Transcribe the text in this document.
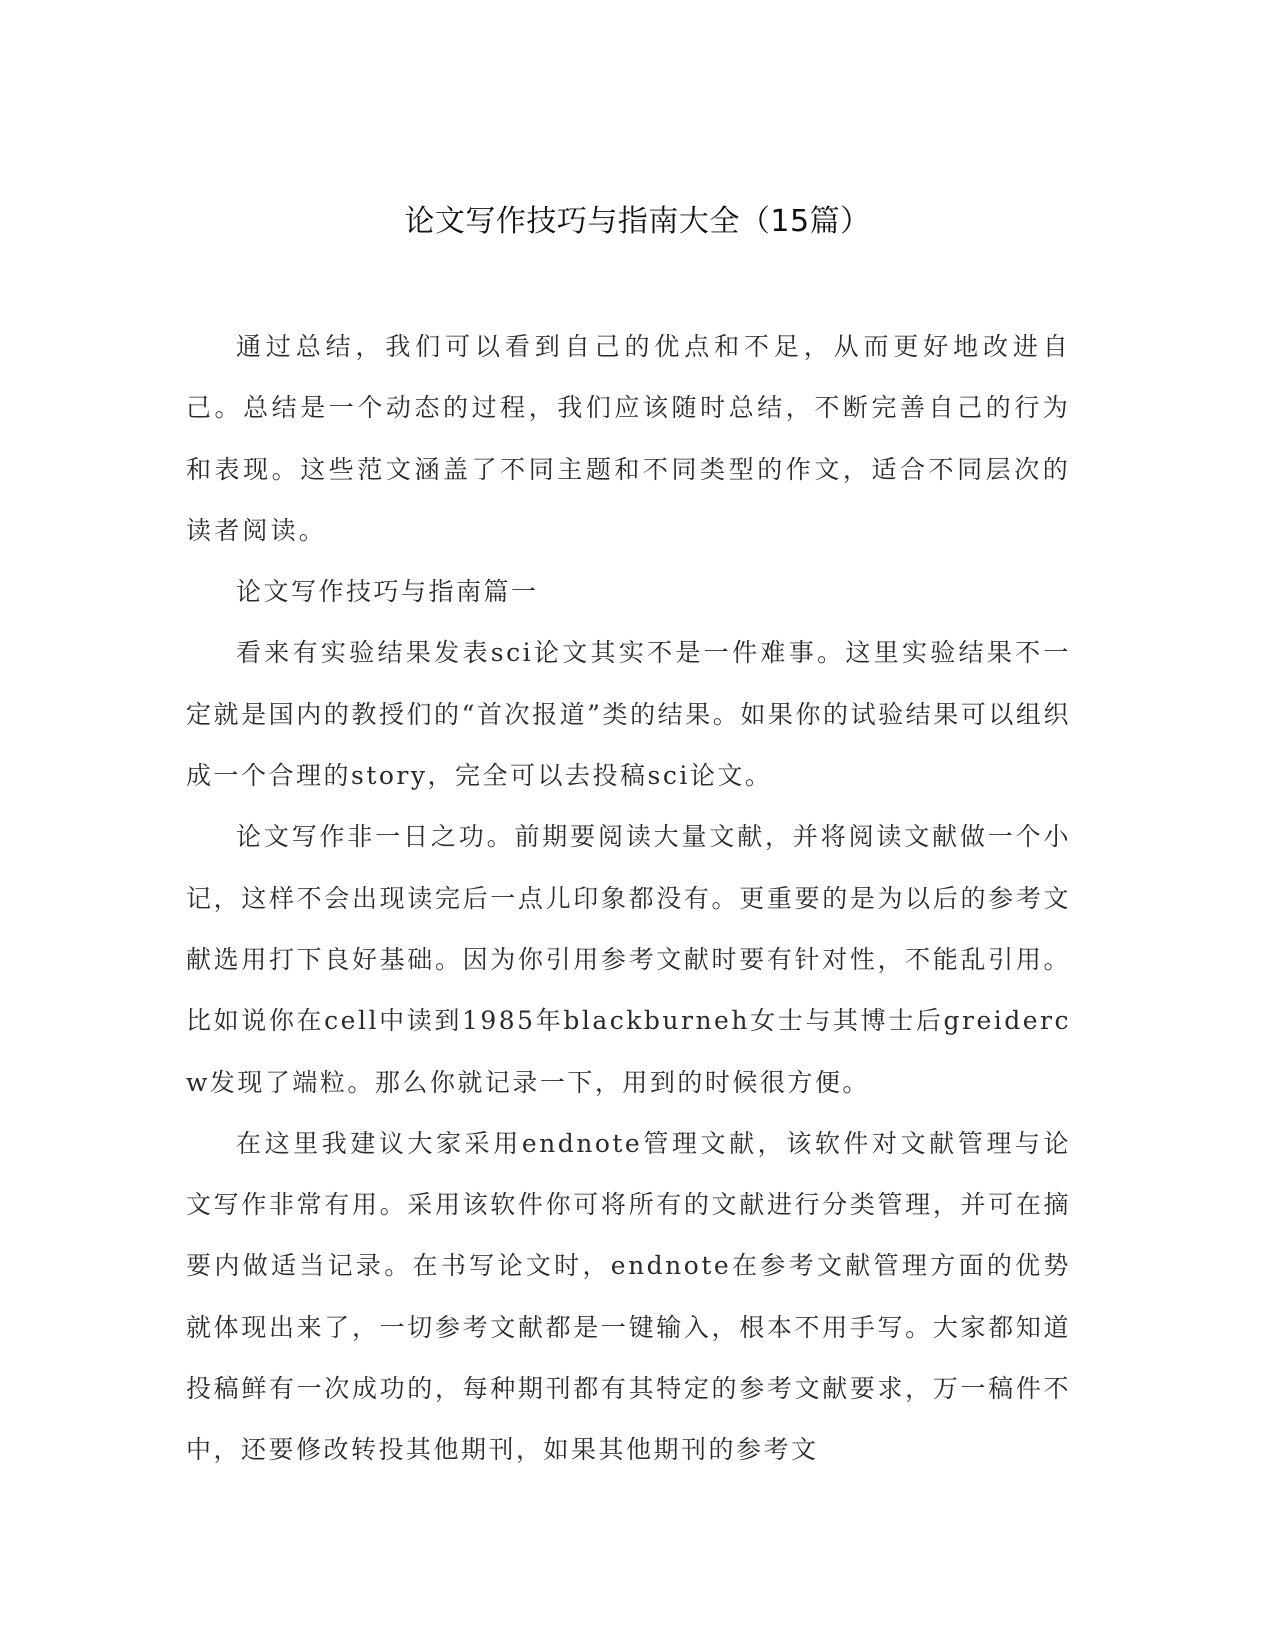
论文写作技巧与指南大全（15篇）

通过总结，我们可以看到自己的优点和不足，从而更好地改进自己。总结是一个动态的过程，我们应该随时总结，不断完善自己的行为和表现。这些范文涵盖了不同主题和不同类型的作文，适合不同层次的读者阅读。

论文写作技巧与指南篇一

看来有实验结果发表sci论文其实不是一件难事。这里实验结果不一定就是国内的教授们的“首次报道”类的结果。如果你的试验结果可以组织成一个合理的story，完全可以去投稿sci论文。

论文写作非一日之功。前期要阅读大量文献，并将阅读文献做一个小记，这样不会出现读完后一点儿印象都没有。更重要的是为以后的参考文献选用打下良好基础。因为你引用参考文献时要有针对性，不能乱引用。比如说你在cell中读到1985年blackburneh女士与其博士后greidercw发现了端粒。那么你就记录一下，用到的时候很方便。

在这里我建议大家采用endnote管理文献，该软件对文献管理与论文写作非常有用。采用该软件你可将所有的文献进行分类管理，并可在摘要内做适当记录。在书写论文时，endnote在参考文献管理方面的优势就体现出来了，一切参考文献都是一键输入，根本不用手写。大家都知道投稿鲜有一次成功的，每种期刊都有其特定的参考文献要求，万一稿件不中，还要修改转投其他期刊，如果其他期刊的参考文
